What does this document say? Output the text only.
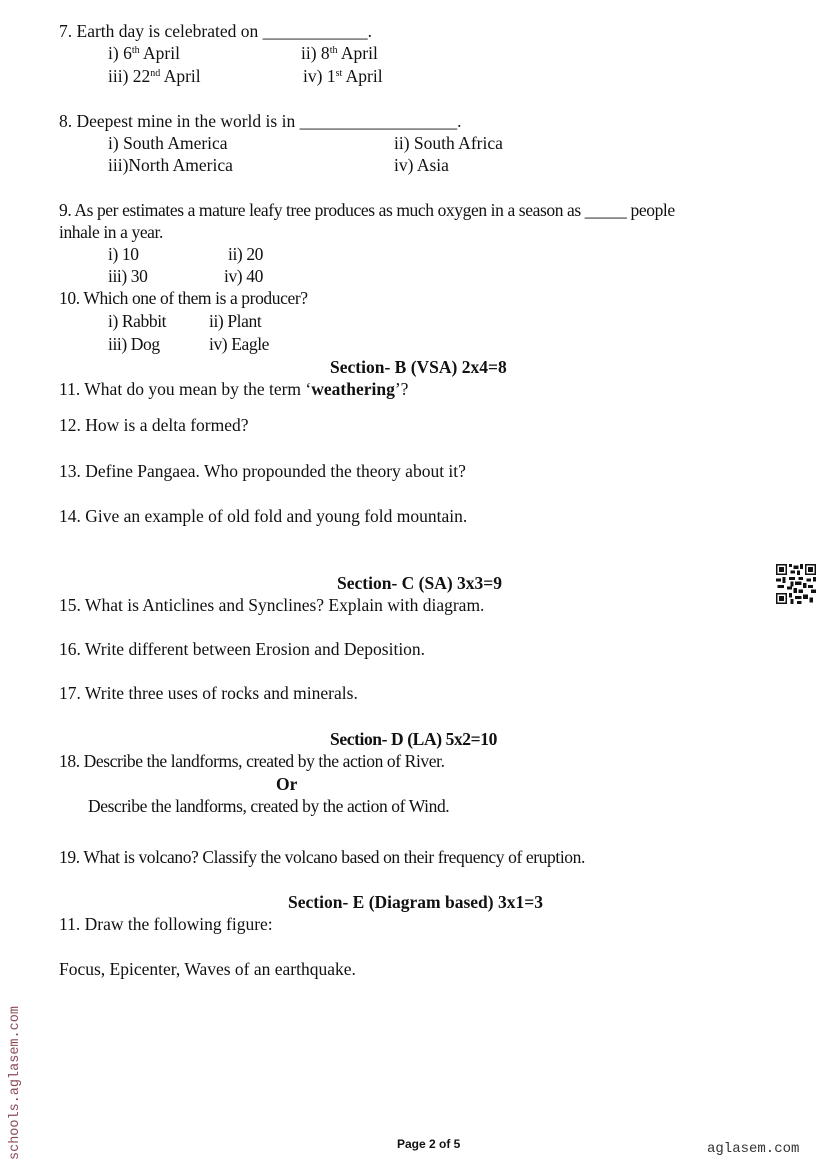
7. Earth day is celebrated on ____________.
i) 6th April	ii) 8th April
iii) 22nd April	iv) 1st April
8. Deepest mine in the world is in __________________.
i) South America	ii) South Africa
iii)North America	iv) Asia
9. As per estimates a mature leafy tree produces as much oxygen in a season as _____ people
inhale in a year.
i) 10	ii) 20
iii) 30	iv) 40
10. Which one of them is a producer?
i) Rabbit ii) Plant
iii) Dog	iv) Eagle
Section- B (VSA) 2x4=8
11. What do you mean by the term ‘weathering’?
12. How is a delta formed?
13. Define Pangaea. Who propounded the theory about it?
14. Give an example of old fold and young fold mountain.
Section- C (SA) 3x3=9
15. What is Anticlines and Synclines? Explain with diagram.
16. Write different between Erosion and Deposition.
17. Write three uses of rocks and minerals.
Section- D (LA) 5x2=10
18. Describe the landforms, created by the action of River.
Or
Describe the landforms, created by the action of Wind.
19. What is volcano? Classify the volcano based on their frequency of eruption.
Section- E (Diagram based) 3x1=3
11. Draw the following figure:
Focus, Epicenter, Waves of an earthquake.
schools.aglasem.com	Page 2 of 5	aglasem.com
